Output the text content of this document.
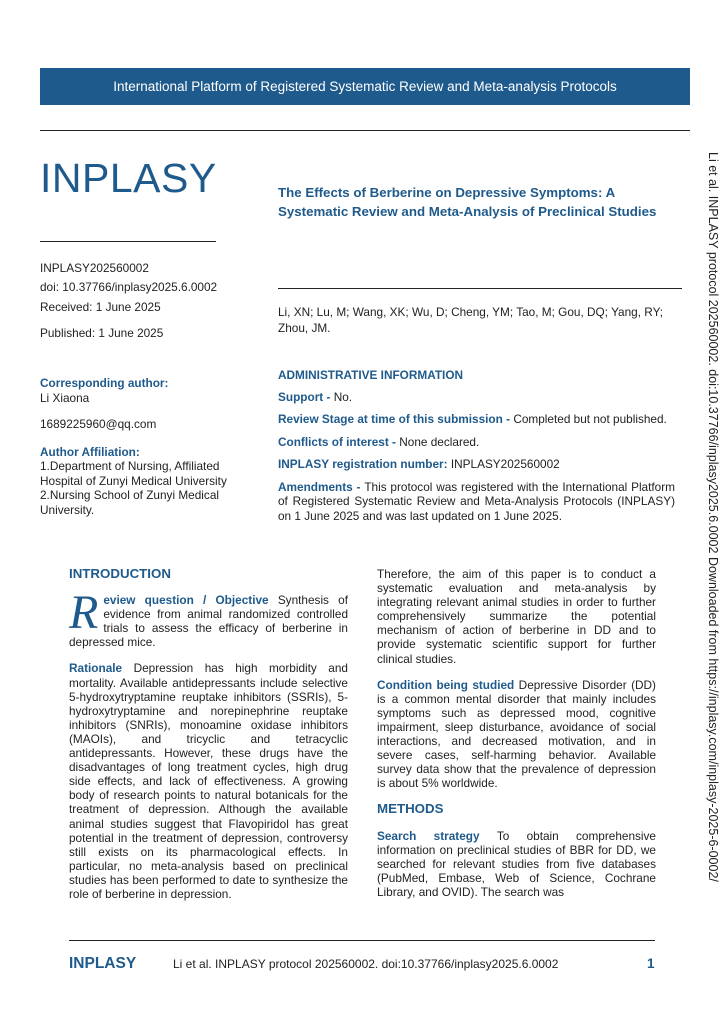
International Platform of Registered Systematic Review and Meta-analysis Protocols
INPLASY
INPLASY202560002
doi: 10.37766/inplasy2025.6.0002
Received: 1 June 2025
Published: 1 June 2025
The Effects of Berberine on Depressive Symptoms: A Systematic Review and Meta-Analysis of Preclinical Studies
Li, XN; Lu, M; Wang, XK; Wu, D; Cheng, YM; Tao, M; Gou, DQ; Yang, RY; Zhou, JM.

Corresponding author:

Li Xiaona

1689225960@qq.com

Author Affiliation:

1.Department of Nursing, Affiliated Hospital of Zunyi Medical University

2.Nursing School of Zunyi Medical University.

ADMINISTRATIVE INFORMATION

Support - No.

Review Stage at time of this submission - Completed but not published.

Conflicts of interest - None declared.

INPLASY registration number: INPLASY202560002

Amendments - This protocol was registered with the International Platform of Registered Systematic Review and Meta-Analysis Protocols (INPLASY) on 1 June 2025 and was last updated on 1 June 2025.

INTRODUCTION

Review question / Objective Synthesis of evidence from animal randomized controlled trials to assess the efficacy of berberine in depressed mice.

Rationale Depression has high morbidity and mortality. Available antidepressants include selective 5-hydroxytryptamine reuptake inhibitors (SSRIs), 5-hydroxytryptamine and norepinephrine reuptake inhibitors (SNRIs), monoamine oxidase inhibitors (MAOIs), and tricyclic and tetracyclic antidepressants. However, these drugs have the disadvantages of long treatment cycles, high drug side effects, and lack of effectiveness. A growing body of research points to natural botanicals for the treatment of depression. Although the available animal studies suggest that Flavopiridol has great potential in the treatment of depression, controversy still exists on its pharmacological effects. In particular, no meta-analysis based on preclinical studies has been performed to date to synthesize the role of berberine in depression.

Therefore, the aim of this paper is to conduct a systematic evaluation and meta-analysis by integrating relevant animal studies in order to further comprehensively summarize the potential mechanism of action of berberine in DD and to provide systematic scientific support for further clinical studies.

Condition being studied Depressive Disorder (DD) is a common mental disorder that mainly includes symptoms such as depressed mood, cognitive impairment, sleep disturbance, avoidance of social interactions, and decreased motivation, and in severe cases, self-harming behavior. Available survey data show that the prevalence of depression is about 5% worldwide.

METHODS

Search strategy To obtain comprehensive information on preclinical studies of BBR for DD, we searched for relevant studies from five databases (PubMed, Embase, Web of Science, Cochrane Library, and OVID). The search was

Li et al. INPLASY protocol 202560002. doi:10.37766/inplasy2025.6.0002 Downloaded from https://inplasy.com/inplasy-2025-6-0002/
INPLASY	Li et al. INPLASY protocol 202560002. doi:10.37766/inplasy2025.6.0002	1
